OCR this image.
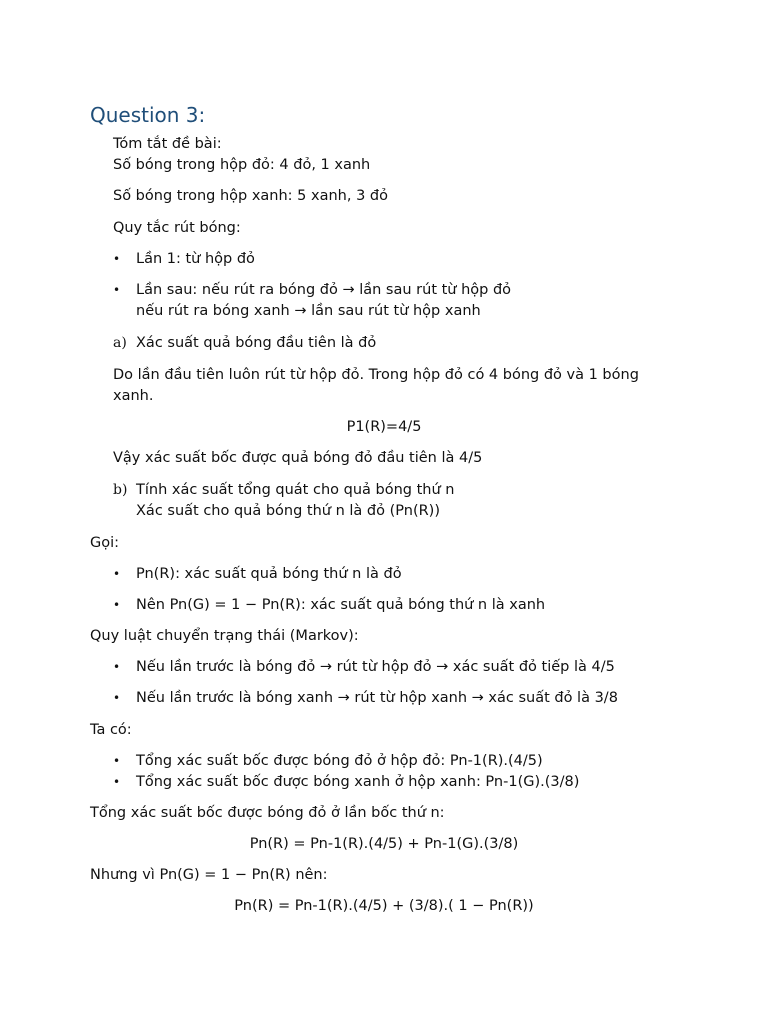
Question 3:
Tóm tắt đề bài:
Số bóng trong hộp đỏ: 4 đỏ, 1 xanh
Số bóng trong hộp xanh: 5 xanh, 3 đỏ
Quy tắc rút bóng:
• Lần 1: từ hộp đỏ
• Lần sau: nếu rút ra bóng đỏ → lần sau rút từ hộp đỏ
nếu rút ra bóng xanh → lần sau rút từ hộp xanh
a) Xác suất quả bóng đầu tiên là đỏ
Do lần đầu tiên luôn rút từ hộp đỏ. Trong hộp đỏ có 4 bóng đỏ và 1 bóng
xanh.
P1(R)=4/5
Vậy xác suất bốc được quả bóng đỏ đầu tiên là 4/5
b) Tính xác suất tổng quát cho quả bóng thứ n
Xác suất cho quả bóng thứ n là đỏ (Pn(R))
Gọi:
• Pn(R): xác suất quả bóng thứ n là đỏ
• Nên Pn(G) = 1 − Pn(R): xác suất quả bóng thứ n là xanh
Quy luật chuyển trạng thái (Markov):
• Nếu lần trước là bóng đỏ → rút từ hộp đỏ → xác suất đỏ tiếp là 4/5
• Nếu lần trước là bóng xanh → rút từ hộp xanh → xác suất đỏ là 3/8
Ta có:
• Tổng xác suất bốc được bóng đỏ ở hộp đỏ: Pn-1(R).(4/5)
• Tổng xác suất bốc được bóng xanh ở hộp xanh: Pn-1(G).(3/8)
Tổng xác suất bốc được bóng đỏ ở lần bốc thứ n:
Pn(R) = Pn-1(R).(4/5) + Pn-1(G).(3/8)
Nhưng vì Pn(G) = 1 − Pn(R) nên:
Pn(R) = Pn-1(R).(4/5) + (3/8).( 1 − Pn(R))
